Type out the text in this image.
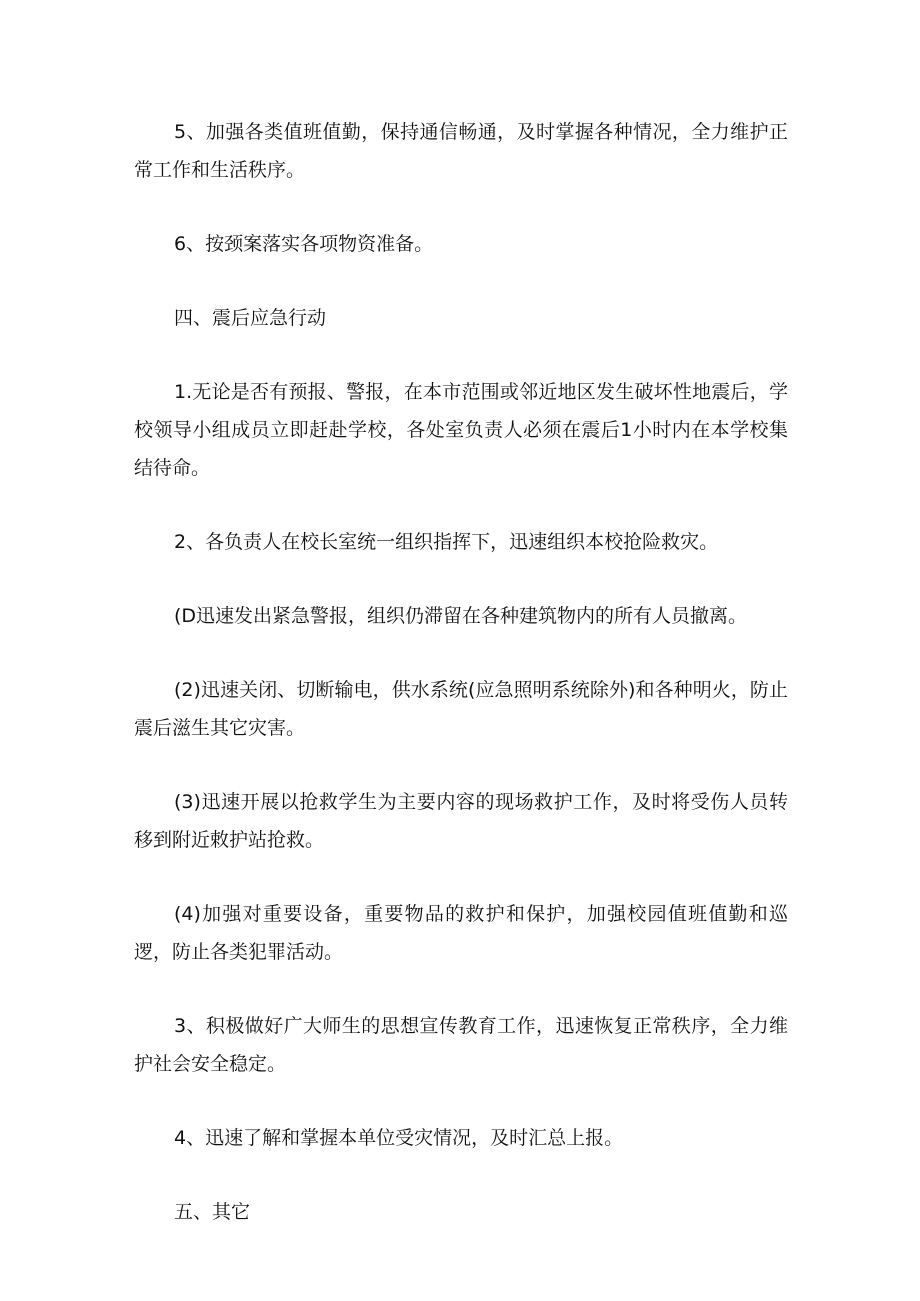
5、加强各类值班值勤，保持通信畅通，及时掌握各种情况，全力维护正常工作和生活秩序。

6、按颈案落实各项物资准备。

四、震后应急行动

1.无论是否有预报、警报，在本市范围或邻近地区发生破坏性地震后，学校领导小组成员立即赶赴学校，各处室负责人必须在震后1小时内在本学校集结待命。

2、各负责人在校长室统一组织指挥下，迅速组织本校抢险救灾。

(D迅速发出紧急警报，组织仍滞留在各种建筑物内的所有人员撤离。

(2)迅速关闭、切断输电，供水系统(应急照明系统除外)和各种明火，防止震后滋生其它灾害。

(3)迅速开展以抢救学生为主要内容的现场救护工作，及时将受伤人员转移到附近敕护站抢救。

(4)加强对重要设备，重要物品的救护和保护，加强校园值班值勤和巡逻，防止各类犯罪活动。

3、积极做好广大师生的思想宣传教育工作，迅速恢复正常秩序，全力维护社会安全稳定。

4、迅速了解和掌握本单位受灾情况，及时汇总上报。

五、其它
